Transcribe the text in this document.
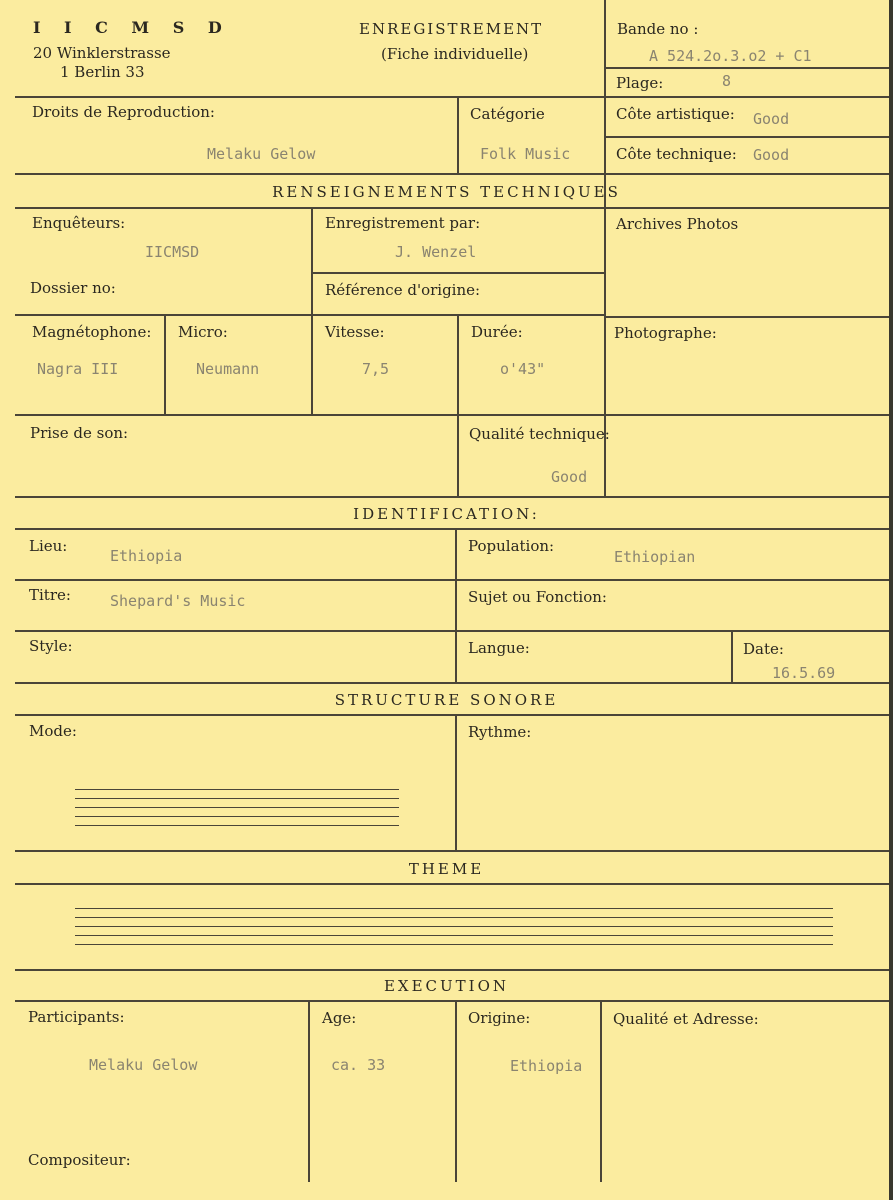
I I C M S D
20 Winklerstrasse
1 Berlin 33
ENREGISTREMENT
(Fiche individuelle)
Bande no :
A 524.2o.3.o2 + C1
Plage:	8
Droits de Reproduction:
Melaku Gelow
Catégorie
Folk Music
Côte artistique: Good
Côte technique: Good
RENSEIGNEMENTS TECHNIQUES
Enquêteurs:
IICMSD
Enregistrement par:
J. Wenzel
Archives Photos
Dossier no:	Référence d'origine:
Magnétophone:
Nagra III
Micro:
Neumann
Vitesse:
7,5
Durée:
o'43"
Photographe:
Prise de son:	Qualité technique:
Good
IDENTIFICATION:
Lieu:
Ethiopia
Population:
Ethiopian
Titre:	Shepard's Music	Sujet ou Fonction:
Style:	Langue:	Date:
16.5.69
STRUCTURE SONORE
Mode:	Rythme:
THEME
EXECUTION
Participants:
Melaku Gelow
Age:
ca. 33
Origine:
Ethiopia
Qualité et Adresse:
Compositeur:
